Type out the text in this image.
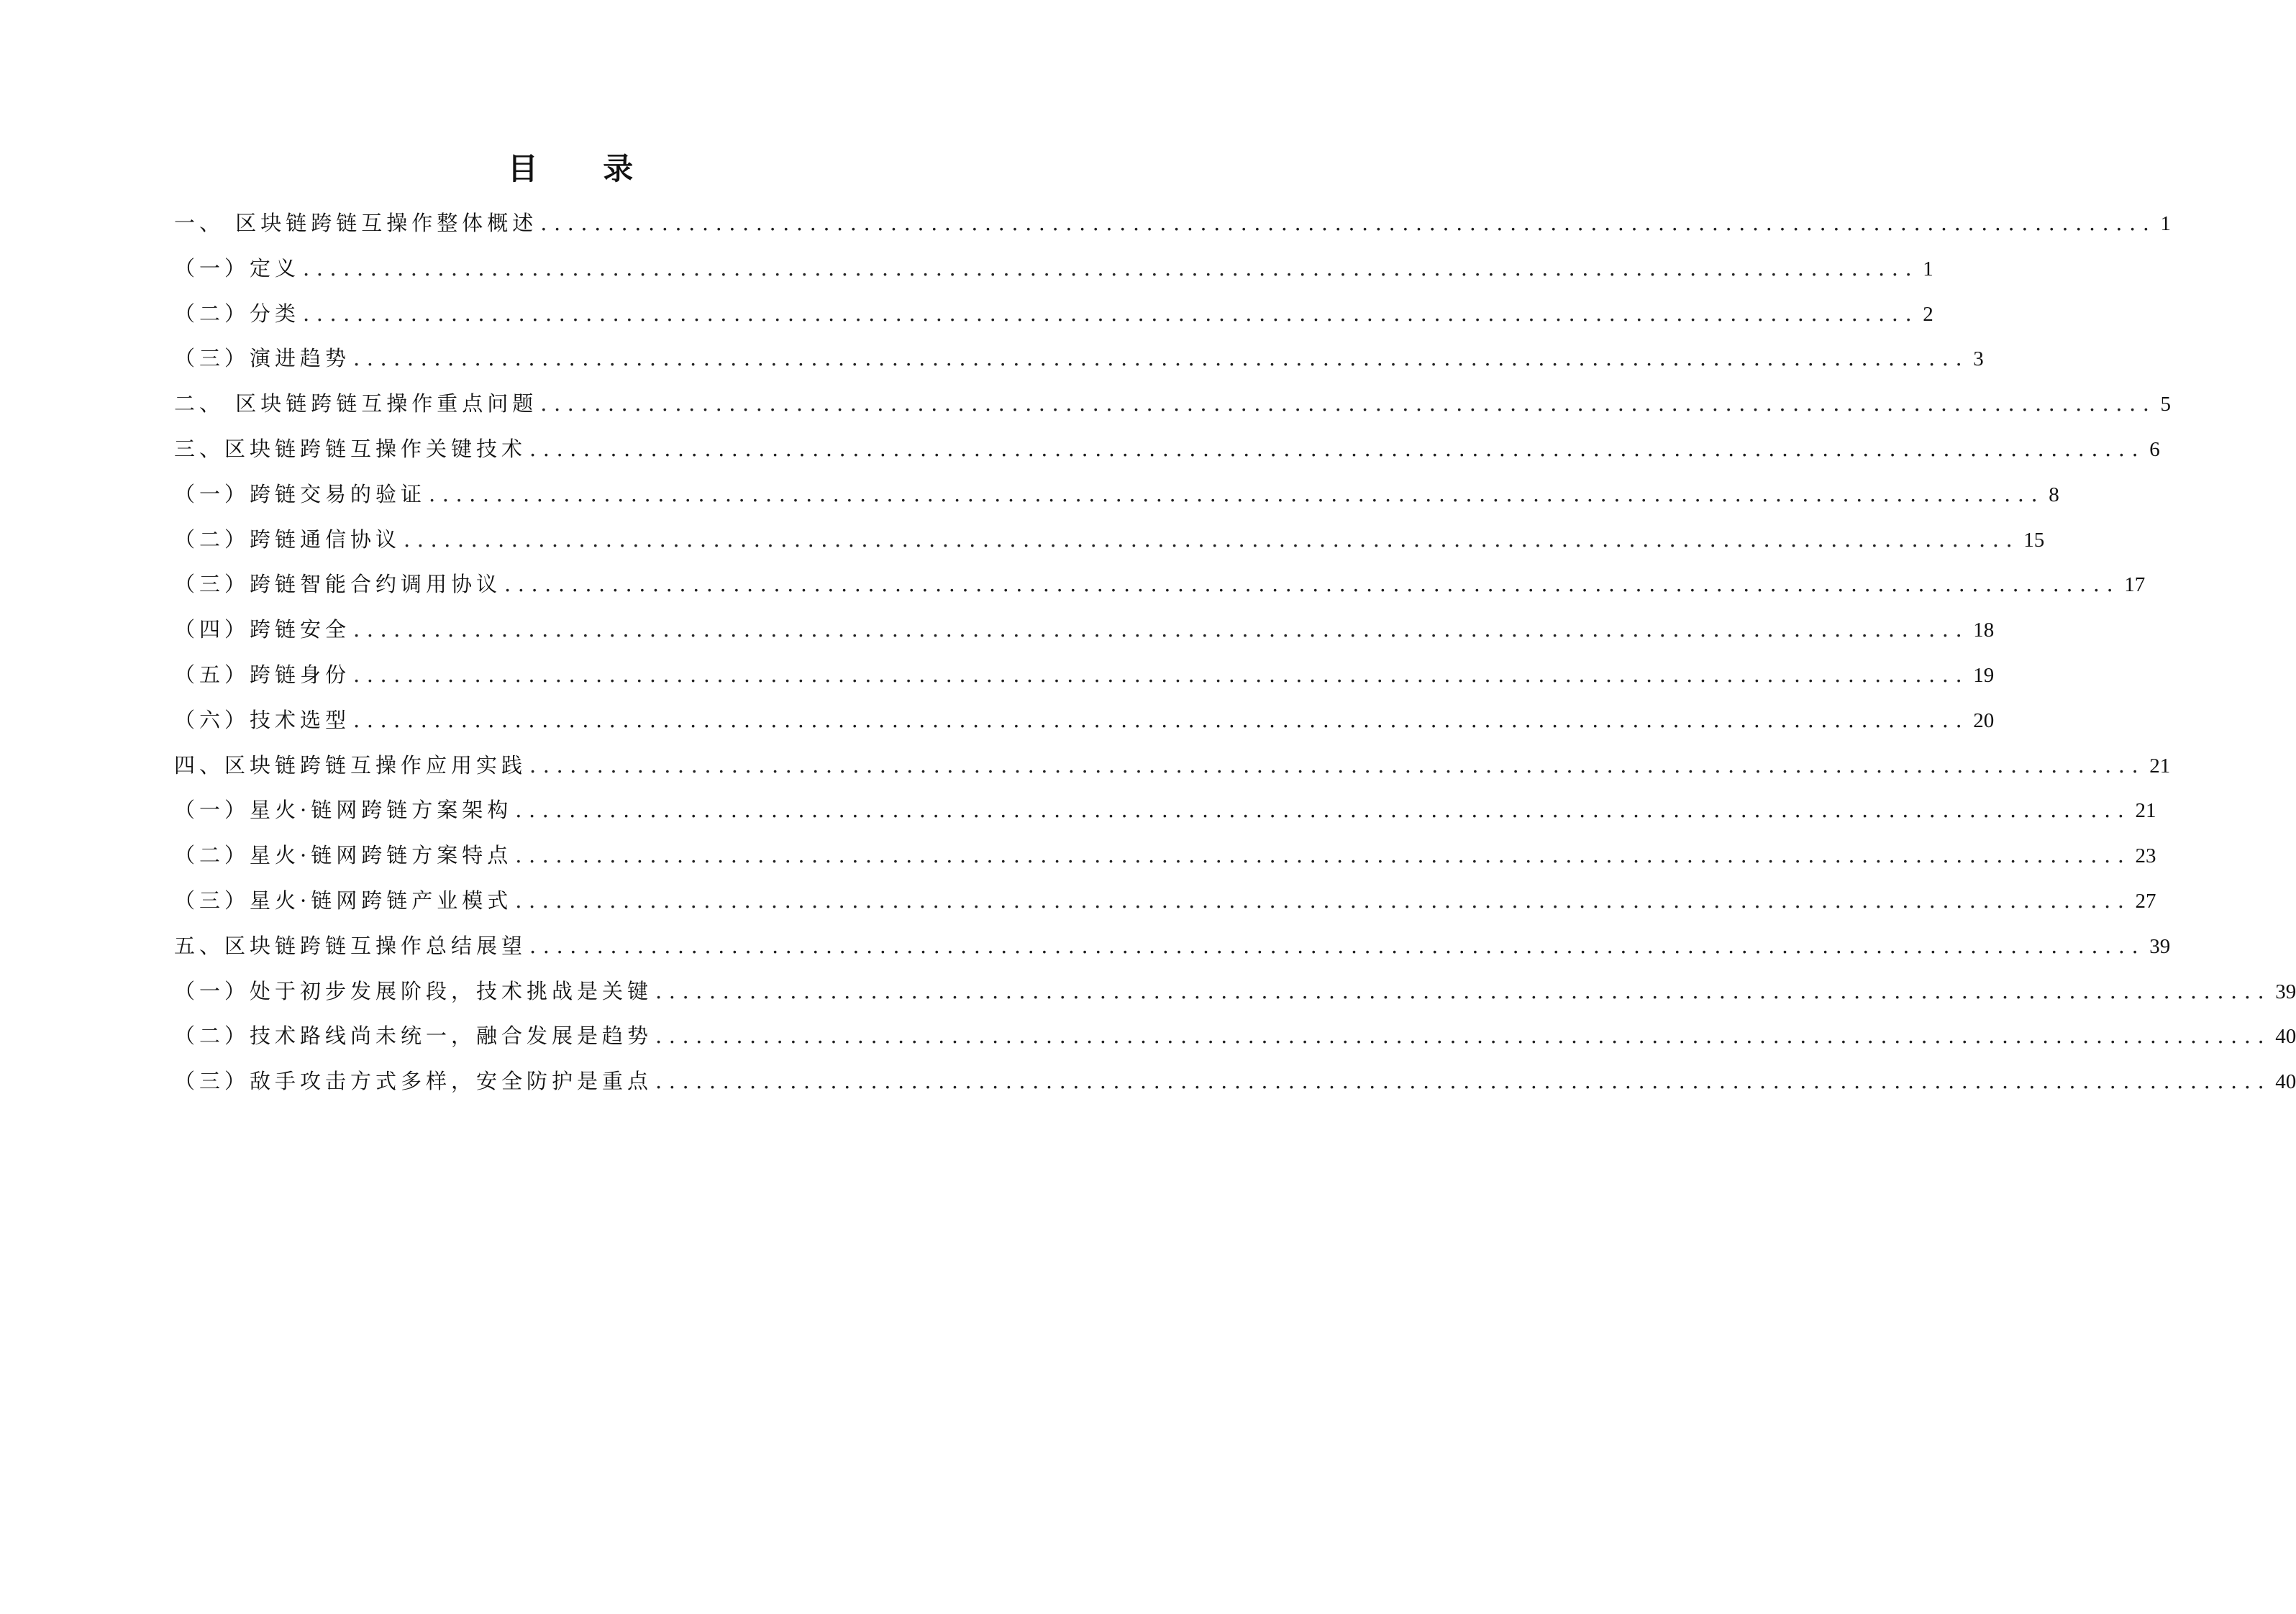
目 录
一、 区块链跨链互操作整体概述 ........................................................................................................................ 1
（一）定义 ........................................................................................................................ 1
（二）分类 ........................................................................................................................ 2
（三）演进趋势 ........................................................................................................................ 3
二、 区块链跨链互操作重点问题 ........................................................................................................................ 5
三、区块链跨链互操作关键技术 ........................................................................................................................ 6
（一）跨链交易的验证 ........................................................................................................................ 8
（二）跨链通信协议 ........................................................................................................................ 15
（三）跨链智能合约调用协议 ........................................................................................................................ 17
（四）跨链安全 ........................................................................................................................ 18
（五）跨链身份 ........................................................................................................................ 19
（六）技术选型 ........................................................................................................................ 20
四、区块链跨链互操作应用实践 ........................................................................................................................ 21
（一）星火·链网跨链方案架构 ........................................................................................................................ 21
（二）星火·链网跨链方案特点 ........................................................................................................................ 23
（三）星火·链网跨链产业模式 ........................................................................................................................ 27
五、区块链跨链互操作总结展望 ........................................................................................................................ 39
（一）处于初步发展阶段，技术挑战是关键 ........................................................................................................................ 39
（二）技术路线尚未统一，融合发展是趋势 ........................................................................................................................ 40
（三）敌手攻击方式多样，安全防护是重点 ........................................................................................................................ 40
